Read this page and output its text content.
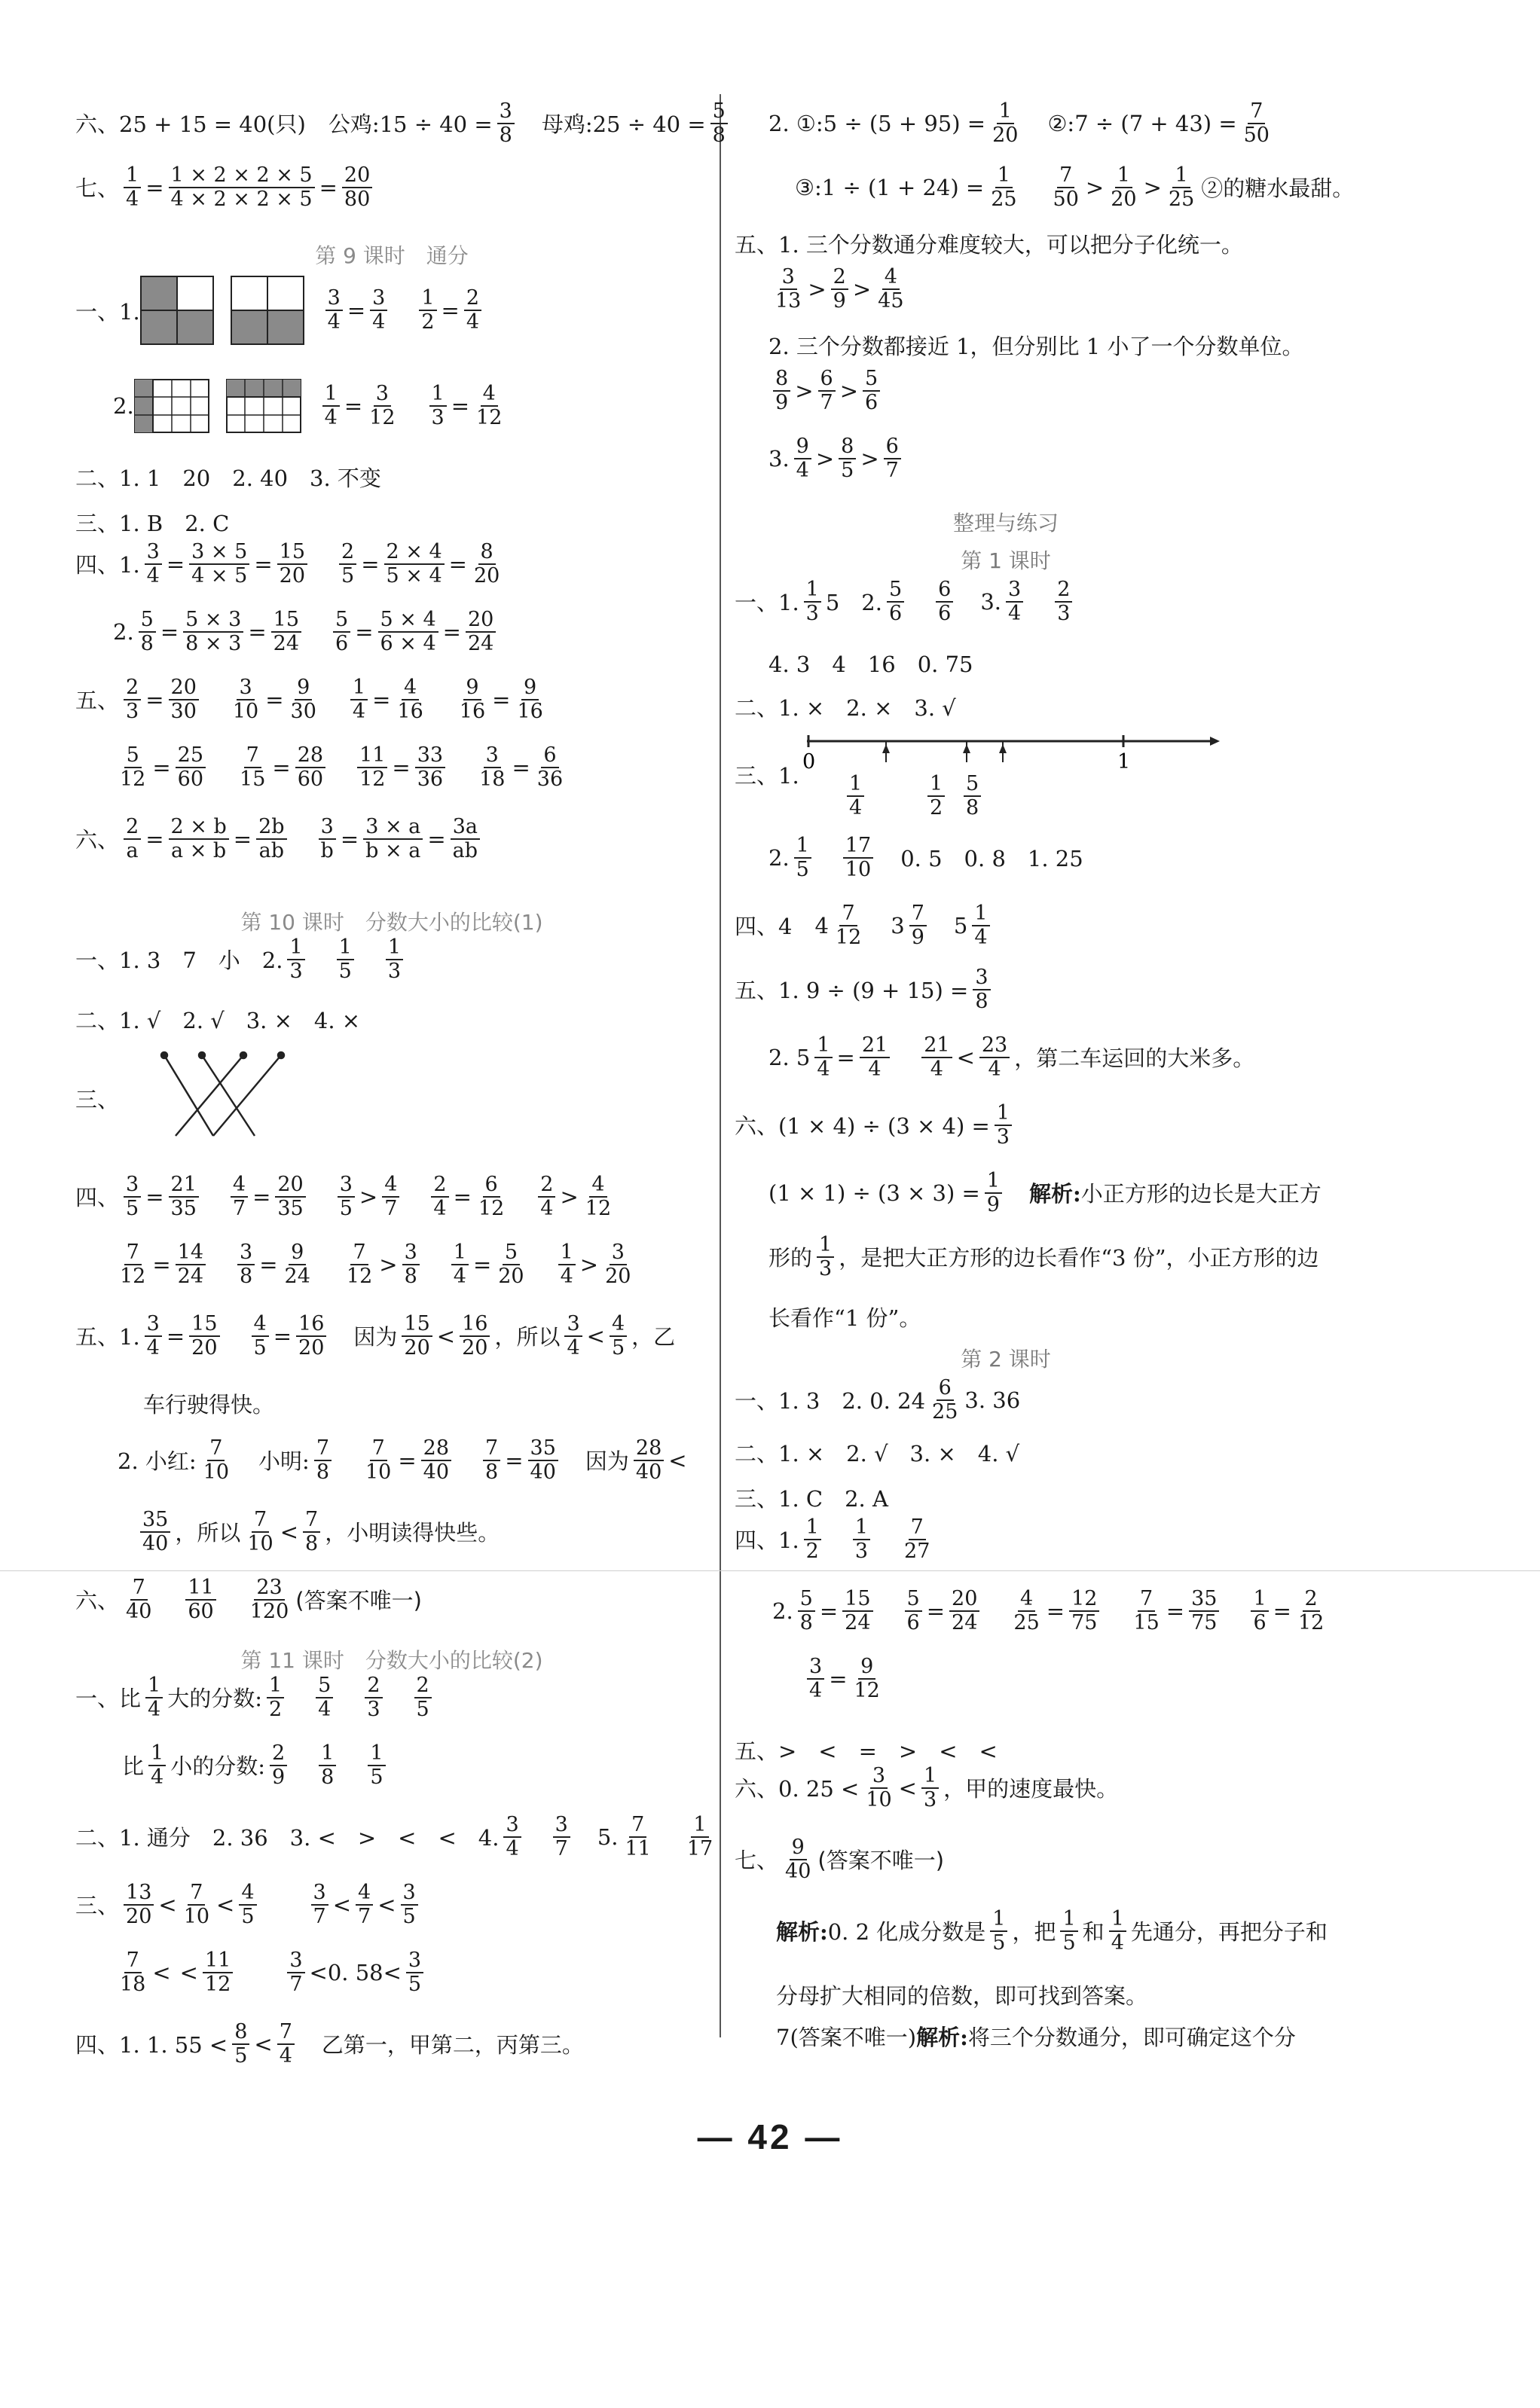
六、25 + 15 = 40(只) 公鸡:15 ÷ $40 = \frac{3}{8}$ 母鸡:25 ÷ $40 = \frac{5}{8}$
七、 $\frac{1}{4} = \frac{1 \times 2 \times 2 \times 5}{4 \times 2 \times 2 \times 5} = \frac{20}{80}$
第 9 课时　通分
一、1.	$\frac{3}{4} = \frac{3}{4} \frac{1}{2} = \frac{2}{4}$
2.	$\frac{1}{4} = \frac{3}{12} \frac{1}{3} = \frac{4}{12}$
二、1. 1　20　2. 40　3. 不变
三、1. B　2. C
四、1. $\frac{3}{4} = \frac{3 \times 5}{4 \times 5} = \frac{15}{20} \frac{2}{5} = \frac{2 \times 4}{5 \times 4} = \frac{8}{20}$
2. $\frac{5}{8} = \frac{5 \times 3}{8 \times 3} = \frac{15}{24} \frac{5}{6} = \frac{5 \times 4}{6 \times 4} = \frac{20}{24}$
五、 $\frac{2}{3} = \frac{20}{30} \frac{3}{10} = \frac{9}{30} \frac{1}{4} = \frac{4}{16} \frac{9}{16} = \frac{9}{16}$
$\frac{5}{12} = \frac{25}{60} \frac{7}{15} = \frac{28}{60} \frac{11}{12} = \frac{33}{36} \frac{3}{18} = \frac{6}{36}$
六、 $\frac{2}{a} = \frac{2 \times b}{a \times b} = \frac{2b}{ab} \frac{3}{b} = \frac{3 \times a}{b \times a} = \frac{3a}{ab}$
第 10 课时　分数大小的比较(1)
一、1. 3　7　小　2. $\frac{1}{3} \frac{1}{5} \frac{1}{3}$
二、1. √　2. √　3. ×　4. ×
三、
四、 $\frac{3}{5} = \frac{21}{35} \frac{4}{7} = \frac{20}{35} \frac{3}{5} > \frac{4}{7} \frac{2}{4} = \frac{6}{12} \frac{2}{4} > \frac{4}{12}$
$\frac{7}{12} = \frac{14}{24} \frac{3}{8} = \frac{9}{24} \frac{7}{12} > \frac{3}{8} \frac{1}{4} = \frac{5}{20} \frac{1}{4} > \frac{3}{20}$
五、1. $\frac{3}{4} = \frac{15}{20} \frac{4}{5} = \frac{16}{20}$ 因为 $\frac{15}{20} < \frac{16}{20}$ ，所以 $\frac{3}{4} < \frac{4}{5}$ ，乙
车行驶得快。
2. 小红: $\frac{7}{10}$ 小明: $\frac{7}{8} \frac{7}{10} = \frac{28}{40} \frac{7}{8} = \frac{35}{40}$ 因为 $\frac{28}{40}$ <
$\frac{35}{40}$ ，所以 $\frac{7}{10} < \frac{7}{8}$ ，小明读得快些。
六、 $\frac{7}{40} \frac{11}{60} \frac{23}{120}$ (答案不唯一)
第 11 课时　分数大小的比较(2)
一、比 $\frac{1}{4}$ 大的分数: $\frac{1}{2} \frac{5}{4} \frac{2}{3} \frac{2}{5}$
比 $\frac{1}{4}$ 小的分数: $\frac{2}{9} \frac{1}{8} \frac{1}{5}$
二、1. 通分　2. 36　3. <　>　<　<　4. $\frac{3}{4} \frac{3}{7} 5$. $\frac{7}{11} \frac{1}{17}$
三、 $\frac{13}{20} < \frac{7}{10} < \frac{4}{5}$	$\frac{3}{7} < \frac{4}{7} < \frac{3}{5}$
$\frac{7}{18}$ <
< $\frac{11}{12}$	$\frac{3}{7} <0$. $58< \frac{3}{5}$
四、1. 1. $55 < \frac{8}{5} < \frac{7}{4}$ 乙第一，甲第二，丙第三。
2. ①:5 ÷ $(5 + 95) = \frac{1}{20}$ ②:7 ÷ $(7 + 43) = \frac{7}{50}$
③:1 ÷ $(1 + 24) = \frac{1}{25} \frac{7}{50} > \frac{1}{20} > \frac{1}{25}$ ②的糖水最甜。
五、1. 三个分数通分难度较大，可以把分子化统一。
$\frac{3}{13} > \frac{2}{9} > \frac{4}{45}$
2. 三个分数都接近 1，但分别比 1 小了一个分数单位。
$\frac{8}{9} > \frac{6}{7} > \frac{5}{6}$
3. $\frac{9}{4} > \frac{8}{5} > \frac{6}{7}$
整理与练习
第 1 课时
一、1. $\frac{1}{3} 5$　2. $\frac{5}{6} \frac{6}{6} 3$. $\frac{3}{4} \frac{2}{3}$
4. 3　4　16　0. 75
二、1. ×　2. ×　3. √
三、1.
0	1
$\frac{1}{4}$	$\frac{1}{2} \frac{5}{8}$
2. $\frac{1}{5} \frac{17}{10} 0$. 5　0. 8　1. 25
四、4 $4 \frac{7}{12} 3 \frac{7}{9} 5 \frac{1}{4}$
五、1. $9 \div (9 + 15) = \frac{3}{8}$
2. $5 \frac{1}{4} = \frac{21}{4} \frac{21}{4} < \frac{23}{4}$ ，第二车运回的大米多。
六、$(1 \times 4) \div (3 \times 4) = \frac{1}{3}$
$(1 \times 1) \div (3 \times 3) = \frac{1}{9}$ 解析: 小正方形的边长是大正方
形的 $\frac{1}{3}$ ，是把大正方形的边长看作“3 份”，小正方形的边
长看作“1 份”。
第 2 课时
一、1. 3　2. 0. $24 \frac{6}{25} 3$. 36
二、1. ×　2. √　3. ×　4. √
三、1. C　2. A
四、1. $\frac{1}{2} \frac{1}{3} \frac{7}{27}$
2. $\frac{5}{8} = \frac{15}{24} \frac{5}{6} = \frac{20}{24} \frac{4}{25} = \frac{12}{75} \frac{7}{15} = \frac{35}{75} \frac{1}{6} = \frac{2}{12}$
$\frac{3}{4} = \frac{9}{12}$
五、>　<　=　>　<　<
六、0. $25 < \frac{3}{10} < \frac{1}{3}$ ，甲的速度最快。
七、 $\frac{9}{40}$ (答案不唯一)
解析: 0. 2 化成分数是 $\frac{1}{5}$ ，把 $\frac{1}{5}$ 和 $\frac{1}{4}$ 先通分，再把分子和
分母扩大相同的倍数，即可找到答案。
7(答案不唯一) 解析: 将三个分数通分，即可确定这个分
— 42 —
